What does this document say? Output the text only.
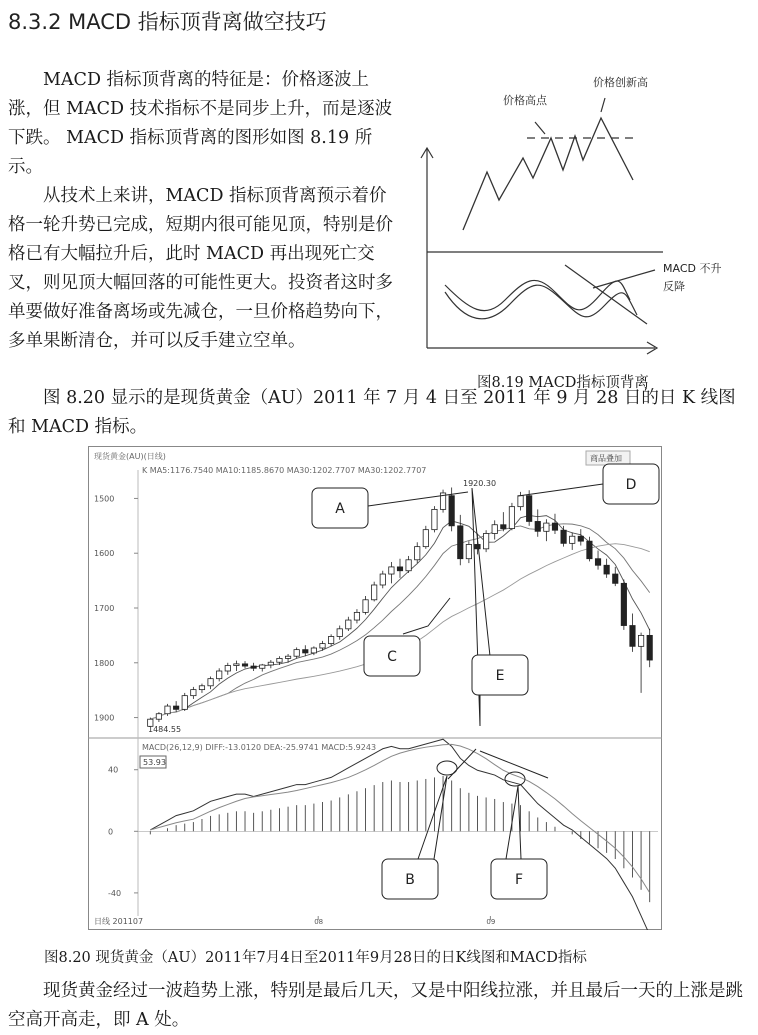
8.3.2 MACD 指标顶背离做空技巧
MACD 指标顶背离的特征是：价格逐波上涨，但 MACD 技术指标不是同步上升，而是逐波下跌。 MACD 指标顶背离的图形如图 8.19 所示。
从技术上来讲，MACD 指标顶背离预示着价格一轮升势已完成，短期内很可能见顶，特别是价格已有大幅拉升后，此时 MACD 再出现死亡交叉，则见顶大幅回落的可能性更大。投资者这时多单要做好准备离场或先减仓，一旦价格趋势向下，多单果断清仓，并可以反手建立空单。
价格高点
价格创新高
MACD 不升
反降
图8.19 MACD指标顶背离
图 8.20 显示的是现货黄金（AU）2011 年 7 月 4 日至 2011 年 9 月 28 日的日 K 线图和 MACD 指标。
现货黄金(AU)(日线)
K MA5:1176.7540 MA10:1185.8670 MA30:1202.7707 MA30:1202.7707
商品叠加
MACD(26,12,9) DIFF:-13.0120 DEA:-25.9741 MACD:5.9243
53.93
日线 201107
1900
1800
1700
1600
1500
40
0
-40
08	09
1920.30
1484.55
A
B
C
D
E
F
图8.20 现货黄金（AU）2011年7月4日至2011年9月28日的日K线图和MACD指标
现货黄金经过一波趋势上涨，特别是最后几天，又是中阳线拉涨，并且最后一天的上涨是跳空高开高走，即 A 处。
